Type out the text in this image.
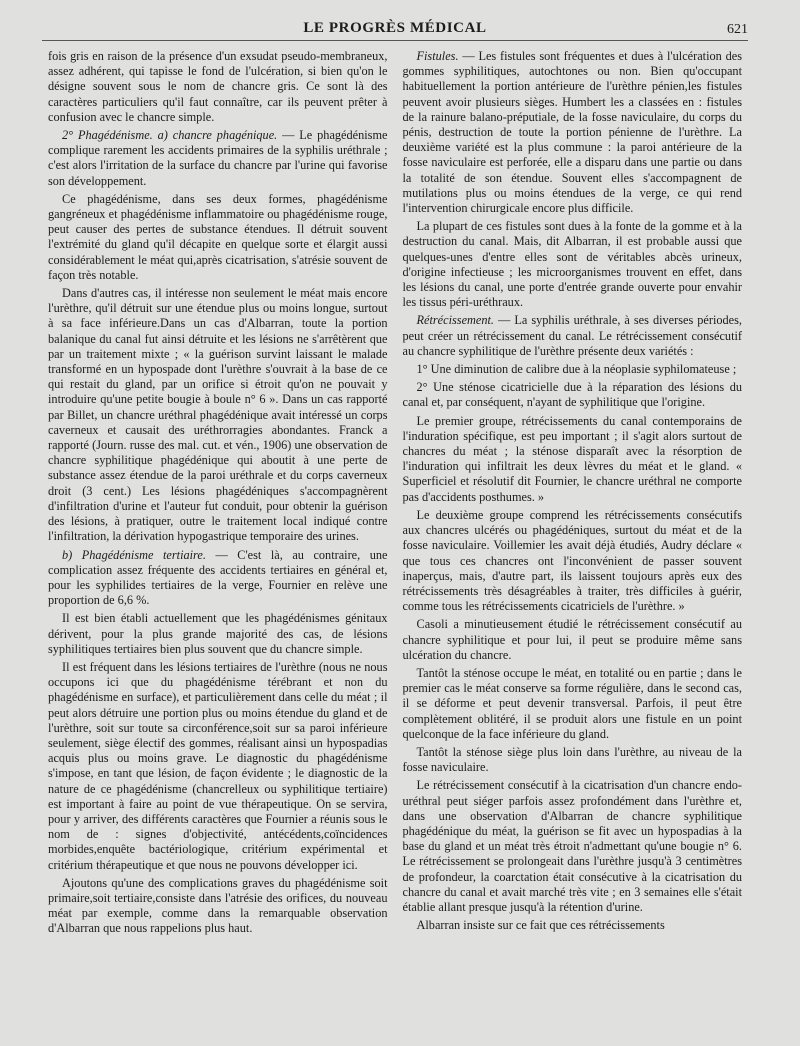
LE PROGRÈS MÉDICAL	621

fois gris en raison de la présence d'un exsudat pseudo-membraneux, assez adhérent, qui tapisse le fond de l'ulcération, si bien qu'on le désigne souvent sous le nom de chancre gris. Ce sont là des caractères particuliers qu'il faut connaître, car ils peuvent prêter à confusion avec le chancre simple.

2° Phagédénisme. a) chancre phagénique. — Le phagédénisme complique rarement les accidents primaires de la syphilis uréthrale ; c'est alors l'irritation de la surface du chancre par l'urine qui favorise son développement.

Ce phagédénisme, dans ses deux formes, phagédénisme gangréneux et phagédénisme inflammatoire ou phagédénisme rouge, peut causer des pertes de substance étendues. Il détruit souvent l'extrémité du gland qu'il décapite en quelque sorte et élargit aussi considérablement le méat qui,après cicatrisation, s'atrésie souvent de façon très notable.

Dans d'autres cas, il intéresse non seulement le méat mais encore l'urèthre, qu'il détruit sur une étendue plus ou moins longue, surtout à sa face inférieure.Dans un cas d'Albarran, toute la portion balanique du canal fut ainsi détruite et les lésions ne s'arrêtèrent que par un traitement mixte ; « la guérison survint laissant le malade transformé en un hypospade dont l'urèthre s'ouvrait à la base de ce qui restait du gland, par un orifice si étroit qu'on ne pouvait y introduire qu'une petite bougie à boule n° 6 ». Dans un cas rapporté par Billet, un chancre uréthral phagédénique avait intéressé un corps caverneux et causait des uréthrorragies abondantes. Franck a rapporté (Journ. russe des mal. cut. et vén., 1906) une observation de chancre syphilitique phagédénique qui aboutit à une perte de substance assez étendue de la paroi uréthrale et du corps caverneux droit (3 cent.) Les lésions phagédéniques s'accompagnèrent d'infiltration d'urine et l'auteur fut conduit, pour obtenir la guérison des lésions, à pratiquer, outre le traitement local indiqué contre l'infiltration, la dérivation hypogastrique temporaire des urines.

b) Phagédénisme tertiaire. — C'est là, au contraire, une complication assez fréquente des accidents tertiaires en général et, pour les syphilides tertiaires de la verge, Fournier en relève une proportion de 6,6 %.

Il est bien établi actuellement que les phagédénismes génitaux dérivent, pour la plus grande majorité des cas, de lésions syphilitiques tertiaires bien plus souvent que du chancre simple.

Il est fréquent dans les lésions tertiaires de l'urèthre (nous ne nous occupons ici que du phagédénisme térébrant et non du phagédénisme en surface), et particulièrement dans celle du méat ; il peut alors détruire une portion plus ou moins étendue du gland et de l'urèthre, soit sur toute sa circonférence,soit sur sa paroi inférieure seulement, siège électif des gommes, réalisant ainsi un hypospadias acquis plus ou moins grave. Le diagnostic du phagédénisme s'impose, en tant que lésion, de façon évidente ; le diagnostic de la nature de ce phagédénisme (chancrelleux ou syphilitique tertiaire) est important à faire au point de vue thérapeutique. On se servira, pour y arriver, des différents caractères que Fournier a réunis sous le nom de : signes d'objectivité, antécédents,coïncidences morbides,enquête bactériologique, critérium expérimental et critérium thérapeutique et que nous ne pouvons développer ici.

Ajoutons qu'une des complications graves du phagédénisme soit primaire,soit tertiaire,consiste dans l'atrésie des orifices, du nouveau méat par exemple, comme dans la remarquable observation d'Albarran que nous rappelions plus haut.

Fistules. — Les fistules sont fréquentes et dues à l'ulcération des gommes syphilitiques, autochtones ou non. Bien qu'occupant habituellement la portion antérieure de l'urèthre pénien,les fistules peuvent avoir plusieurs sièges. Humbert les a classées en : fistules de la rainure balano-préputiale, de la fosse naviculaire, du corps du pénis, destruction de toute la portion pénienne de l'urèthre. La deuxième variété est la plus commune : la paroi antérieure de la fosse naviculaire est perforée, elle a disparu dans une partie ou dans la totalité de son étendue. Souvent elles s'accompagnent de mutilations plus ou moins étendues de la verge, ce qui rend l'intervention chirurgicale encore plus difficile.

La plupart de ces fistules sont dues à la fonte de la gomme et à la destruction du canal. Mais, dit Albarran, il est probable aussi que quelques-unes d'entre elles sont de véritables abcès urineux, d'origine infectieuse ; les microorganismes trouvent en effet, dans les lésions du canal, une porte d'entrée grande ouverte pour envahir les tissus péri-uréthraux.

Rétrécissement. — La syphilis uréthrale, à ses diverses périodes, peut créer un rétrécissement du canal. Le rétrécissement consécutif au chancre syphilitique de l'urèthre présente deux variétés :

1° Une diminution de calibre due à la néoplasie syphilomateuse ;

2° Une sténose cicatricielle due à la réparation des lésions du canal et, par conséquent, n'ayant de syphilitique que l'origine.

Le premier groupe, rétrécissements du canal contemporains de l'induration spécifique, est peu important ; il s'agit alors surtout de chancres du méat ; la sténose disparaît avec la résorption de l'induration qui infiltrait les deux lèvres du méat et le gland. « Superficiel et résolutif dit Fournier, le chancre uréthral ne comporte pas d'accidents posthumes. »

Le deuxième groupe comprend les rétrécissements consécutifs aux chancres ulcérés ou phagédéniques, surtout du méat et de la fosse naviculaire. Voillemier les avait déjà étudiés, Audry déclare « que tous ces chancres ont l'inconvénient de passer souvent inaperçus, mais, d'autre part, ils laissent toujours après eux des rétrécissements très désagréables à traiter, très difficiles à guérir, comme tous les rétrécissements cicatriciels de l'urèthre. »

Casoli a minutieusement étudié le rétrécissement consécutif au chancre syphilitique et pour lui, il peut se produire même sans ulcération du chancre.

Tantôt la sténose occupe le méat, en totalité ou en partie ; dans le premier cas le méat conserve sa forme régulière, dans le second cas, il se déforme et peut devenir transversal. Parfois, il peut être complètement oblitéré, il se produit alors une fistule en un point quelconque de la face inférieure du gland.

Tantôt la sténose siège plus loin dans l'urèthre, au niveau de la fosse naviculaire.

Le rétrécissement consécutif à la cicatrisation d'un chancre endo-uréthral peut siéger parfois assez profondément dans l'urèthre et, dans une observation d'Albarran de chancre syphilitique phagédénique du méat, la guérison se fit avec un hypospadias à la base du gland et un méat très étroit n'admettant qu'une bougie n° 6. Le rétrécissement se prolongeait dans l'urèthre jusqu'à 3 centimètres de profondeur, la coarctation était consécutive à la cicatrisation du chancre du canal et avait marché très vite ; en 3 semaines elle s'était établie allant presque jusqu'à la rétention d'urine.

Albarran insiste sur ce fait que ces rétrécissements
